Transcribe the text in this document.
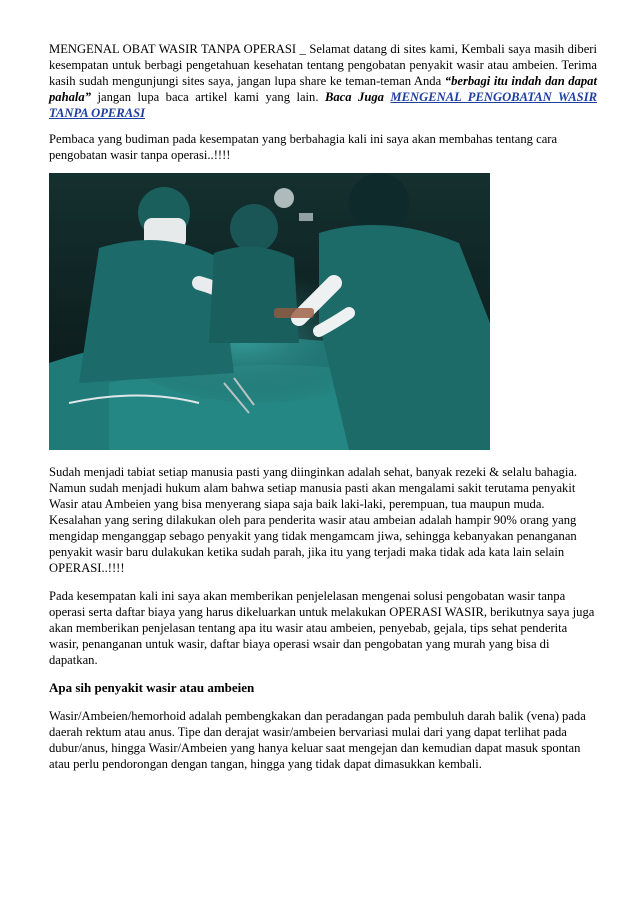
MENGENAL OBAT WASIR TANPA OPERASI _ Selamat datang di sites kami, Kembali saya masih diberi kesempatan untuk berbagi pengetahuan kesehatan tentang pengobatan penyakit wasir atau ambeien. Terima kasih sudah mengunjungi sites saya, jangan lupa share ke teman-teman Anda “berbagi itu indah dan dapat pahala” jangan lupa baca artikel kami yang lain. Baca Juga MENGENAL PENGOBATAN WASIR TANPA OPERASI

Pembaca yang budiman pada kesempatan yang berbahagia kali ini saya akan membahas tentang cara pengobatan wasir tanpa operasi..!!!!

Sudah menjadi tabiat setiap manusia pasti yang diinginkan adalah sehat, banyak rezeki & selalu bahagia.
Namun sudah menjadi hukum alam bahwa setiap manusia pasti akan mengalami sakit terutama penyakit
Wasir atau Ambeien yang bisa menyerang siapa saja baik laki-laki, perempuan, tua maupun muda.
Kesalahan yang sering dilakukan oleh para penderita wasir atau ambeian adalah hampir 90% orang yang
mengidap menganggap sebago penyakit yang tidak mengamcam jiwa, sehingga kebanyakan penanganan
penyakit wasir baru dulakukan ketika sudah parah, jika itu yang terjadi maka tidak ada kata lain selain
OPERASI..!!!!

Pada kesempatan kali ini saya akan memberikan penjelelasan mengenai solusi pengobatan wasir tanpa operasi serta daftar biaya yang harus dikeluarkan untuk melakukan OPERASI WASIR, berikutnya saya juga akan memberikan penjelasan tentang apa itu wasir atau ambeien, penyebab, gejala, tips sehat penderita wasir, penanganan untuk wasir, daftar biaya operasi wsair dan pengobatan yang murah yang bisa di dapatkan.

Apa sih penyakit wasir atau ambeien

Wasir/Ambeien/hemorhoid adalah pembengkakan dan peradangan pada pembuluh darah balik (vena) pada daerah rektum atau anus. Tipe dan derajat wasir/ambeien bervariasi mulai dari yang dapat terlihat pada dubur/anus, hingga Wasir/Ambeien yang hanya keluar saat mengejan dan kemudian dapat masuk spontan atau perlu pendorongan dengan tangan, hingga yang tidak dapat dimasukkan kembali.
